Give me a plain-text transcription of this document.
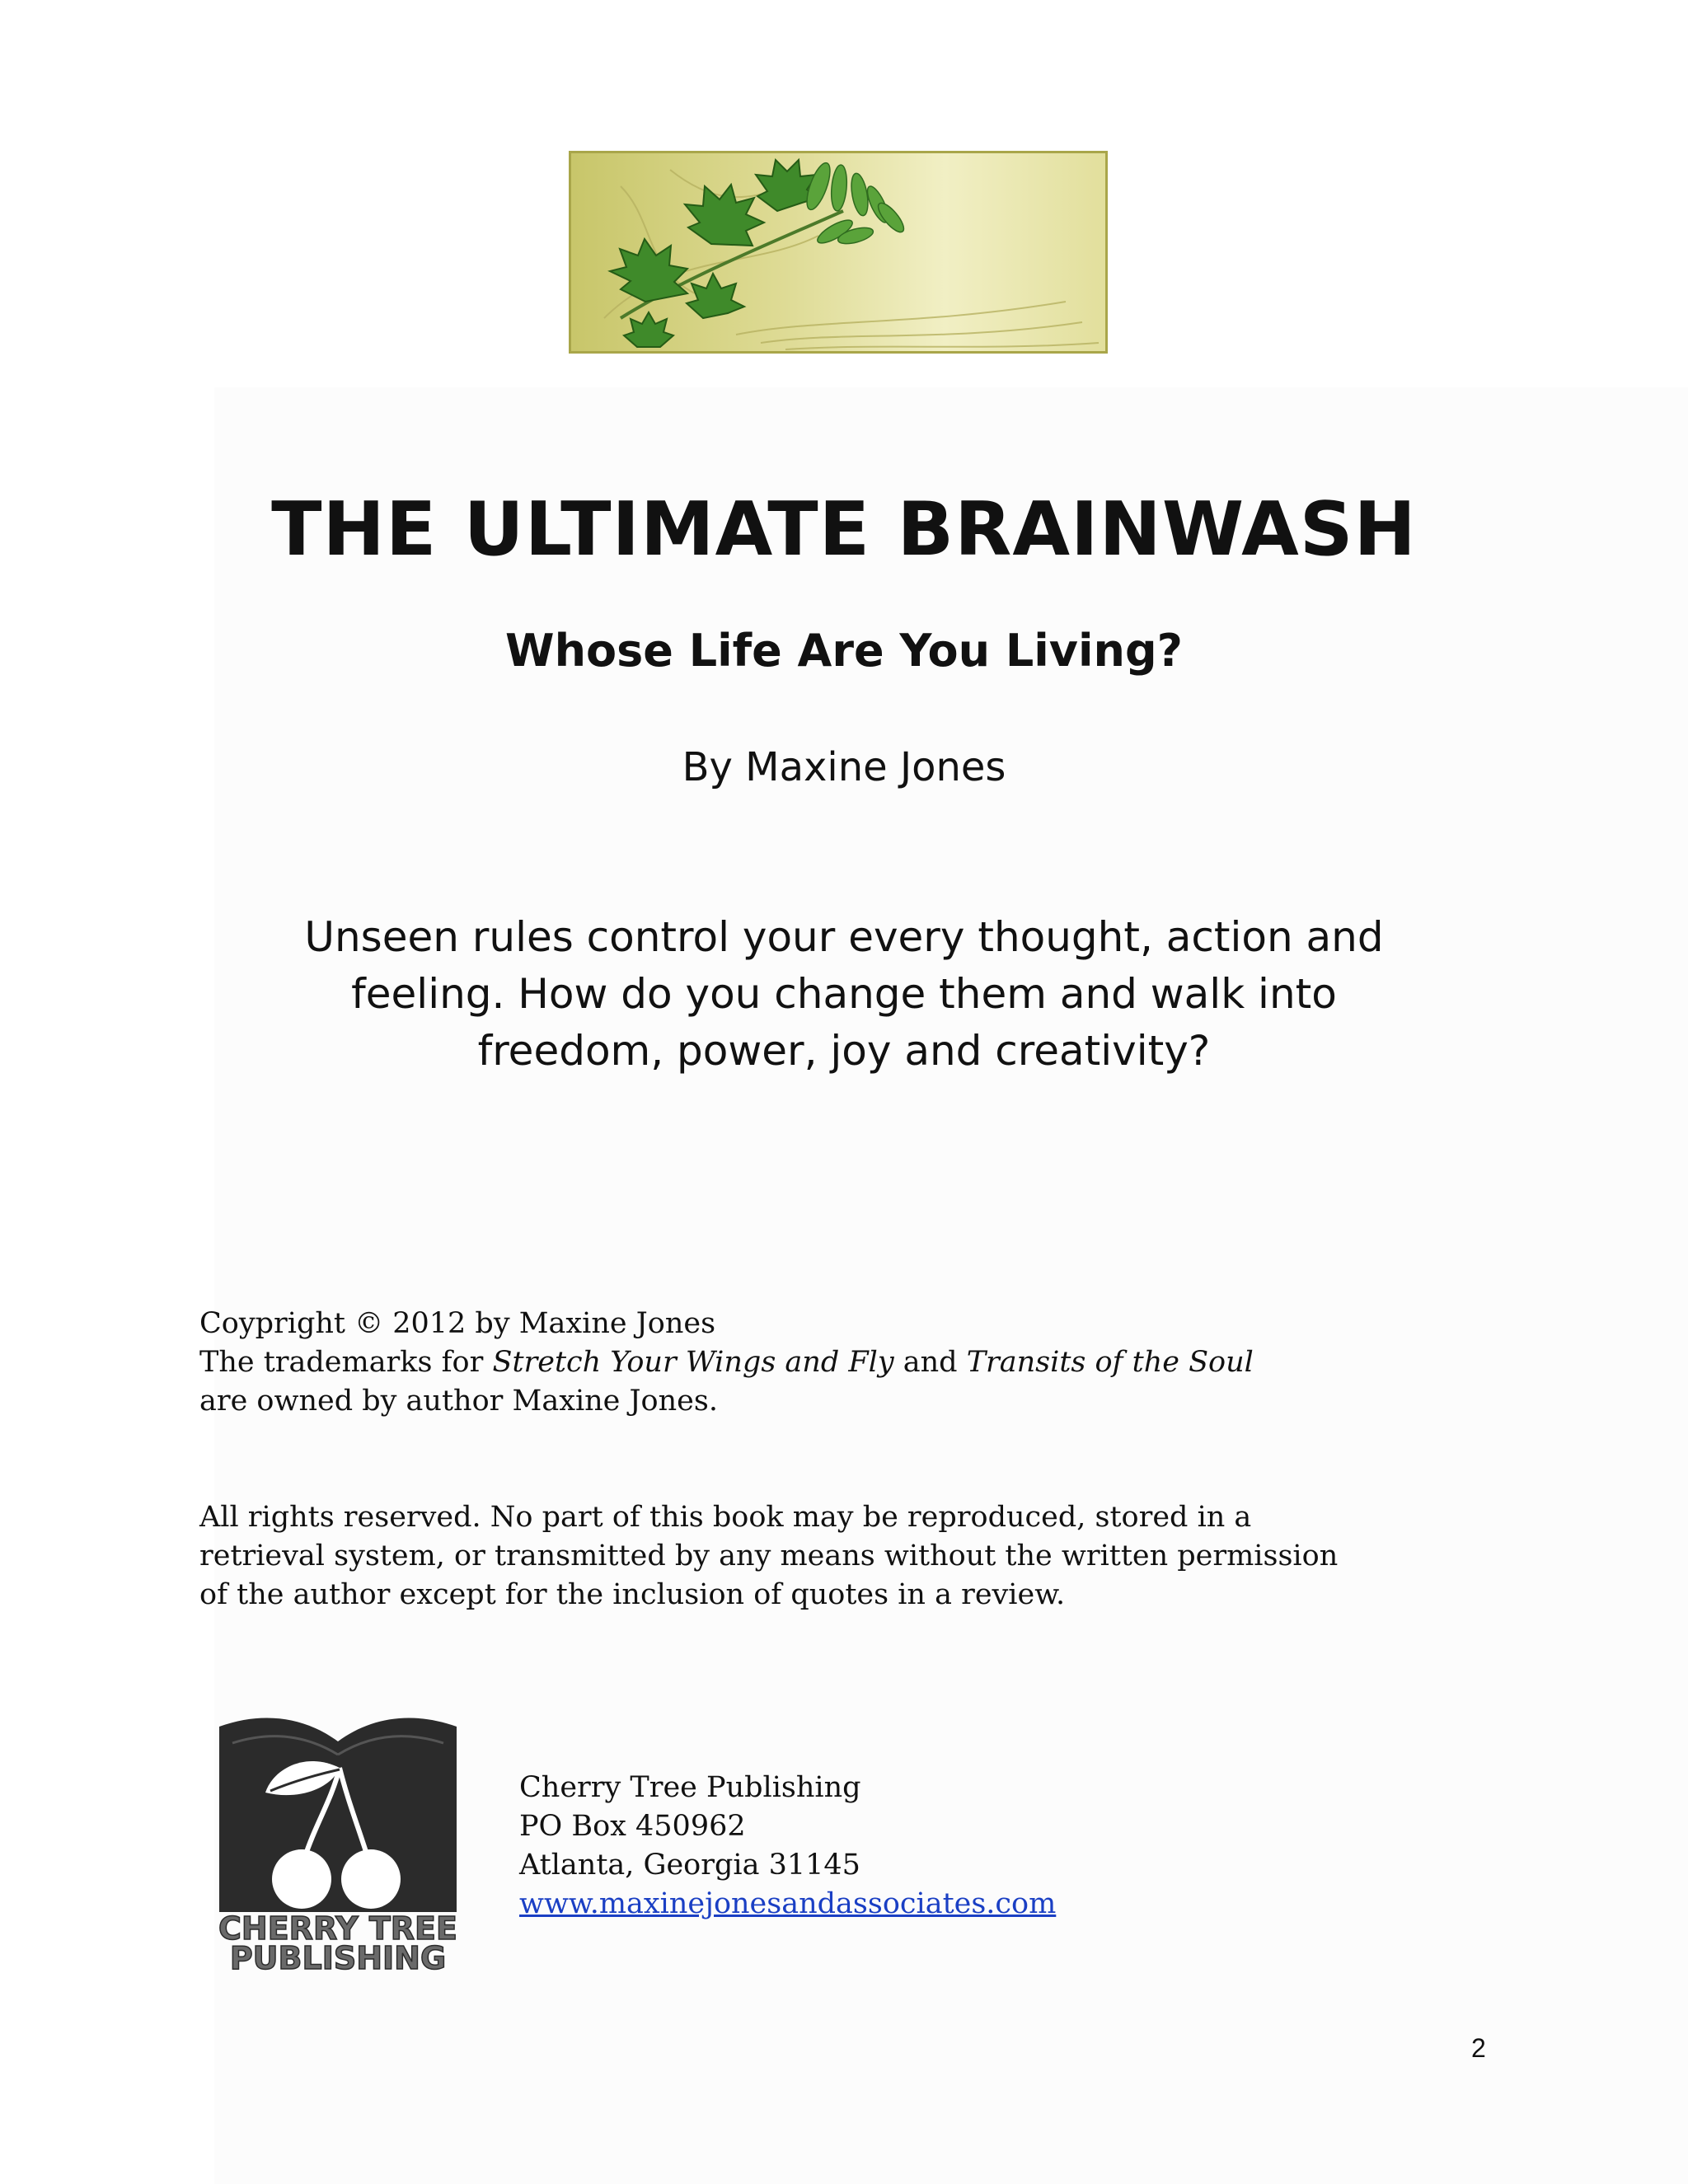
THE ULTIMATE BRAINWASH
Whose Life Are You Living?

By Maxine Jones

Unseen rules control your every thought, action and feeling. How do you change them and walk into freedom, power, joy and creativity?

Coypright © 2012 by Maxine Jones
The trademarks for Stretch Your Wings and Fly and Transits of the Soul
are owned by author Maxine Jones.

All rights reserved. No part of this book may be reproduced, stored in a retrieval system, or transmitted by any means without the written permission of the author except for the inclusion of quotes in a review.

CHERRY TREE
PUBLISHING
Cherry Tree Publishing
PO Box 450962
Atlanta, Georgia 31145
www.maxinejonesandassociates.com
2
